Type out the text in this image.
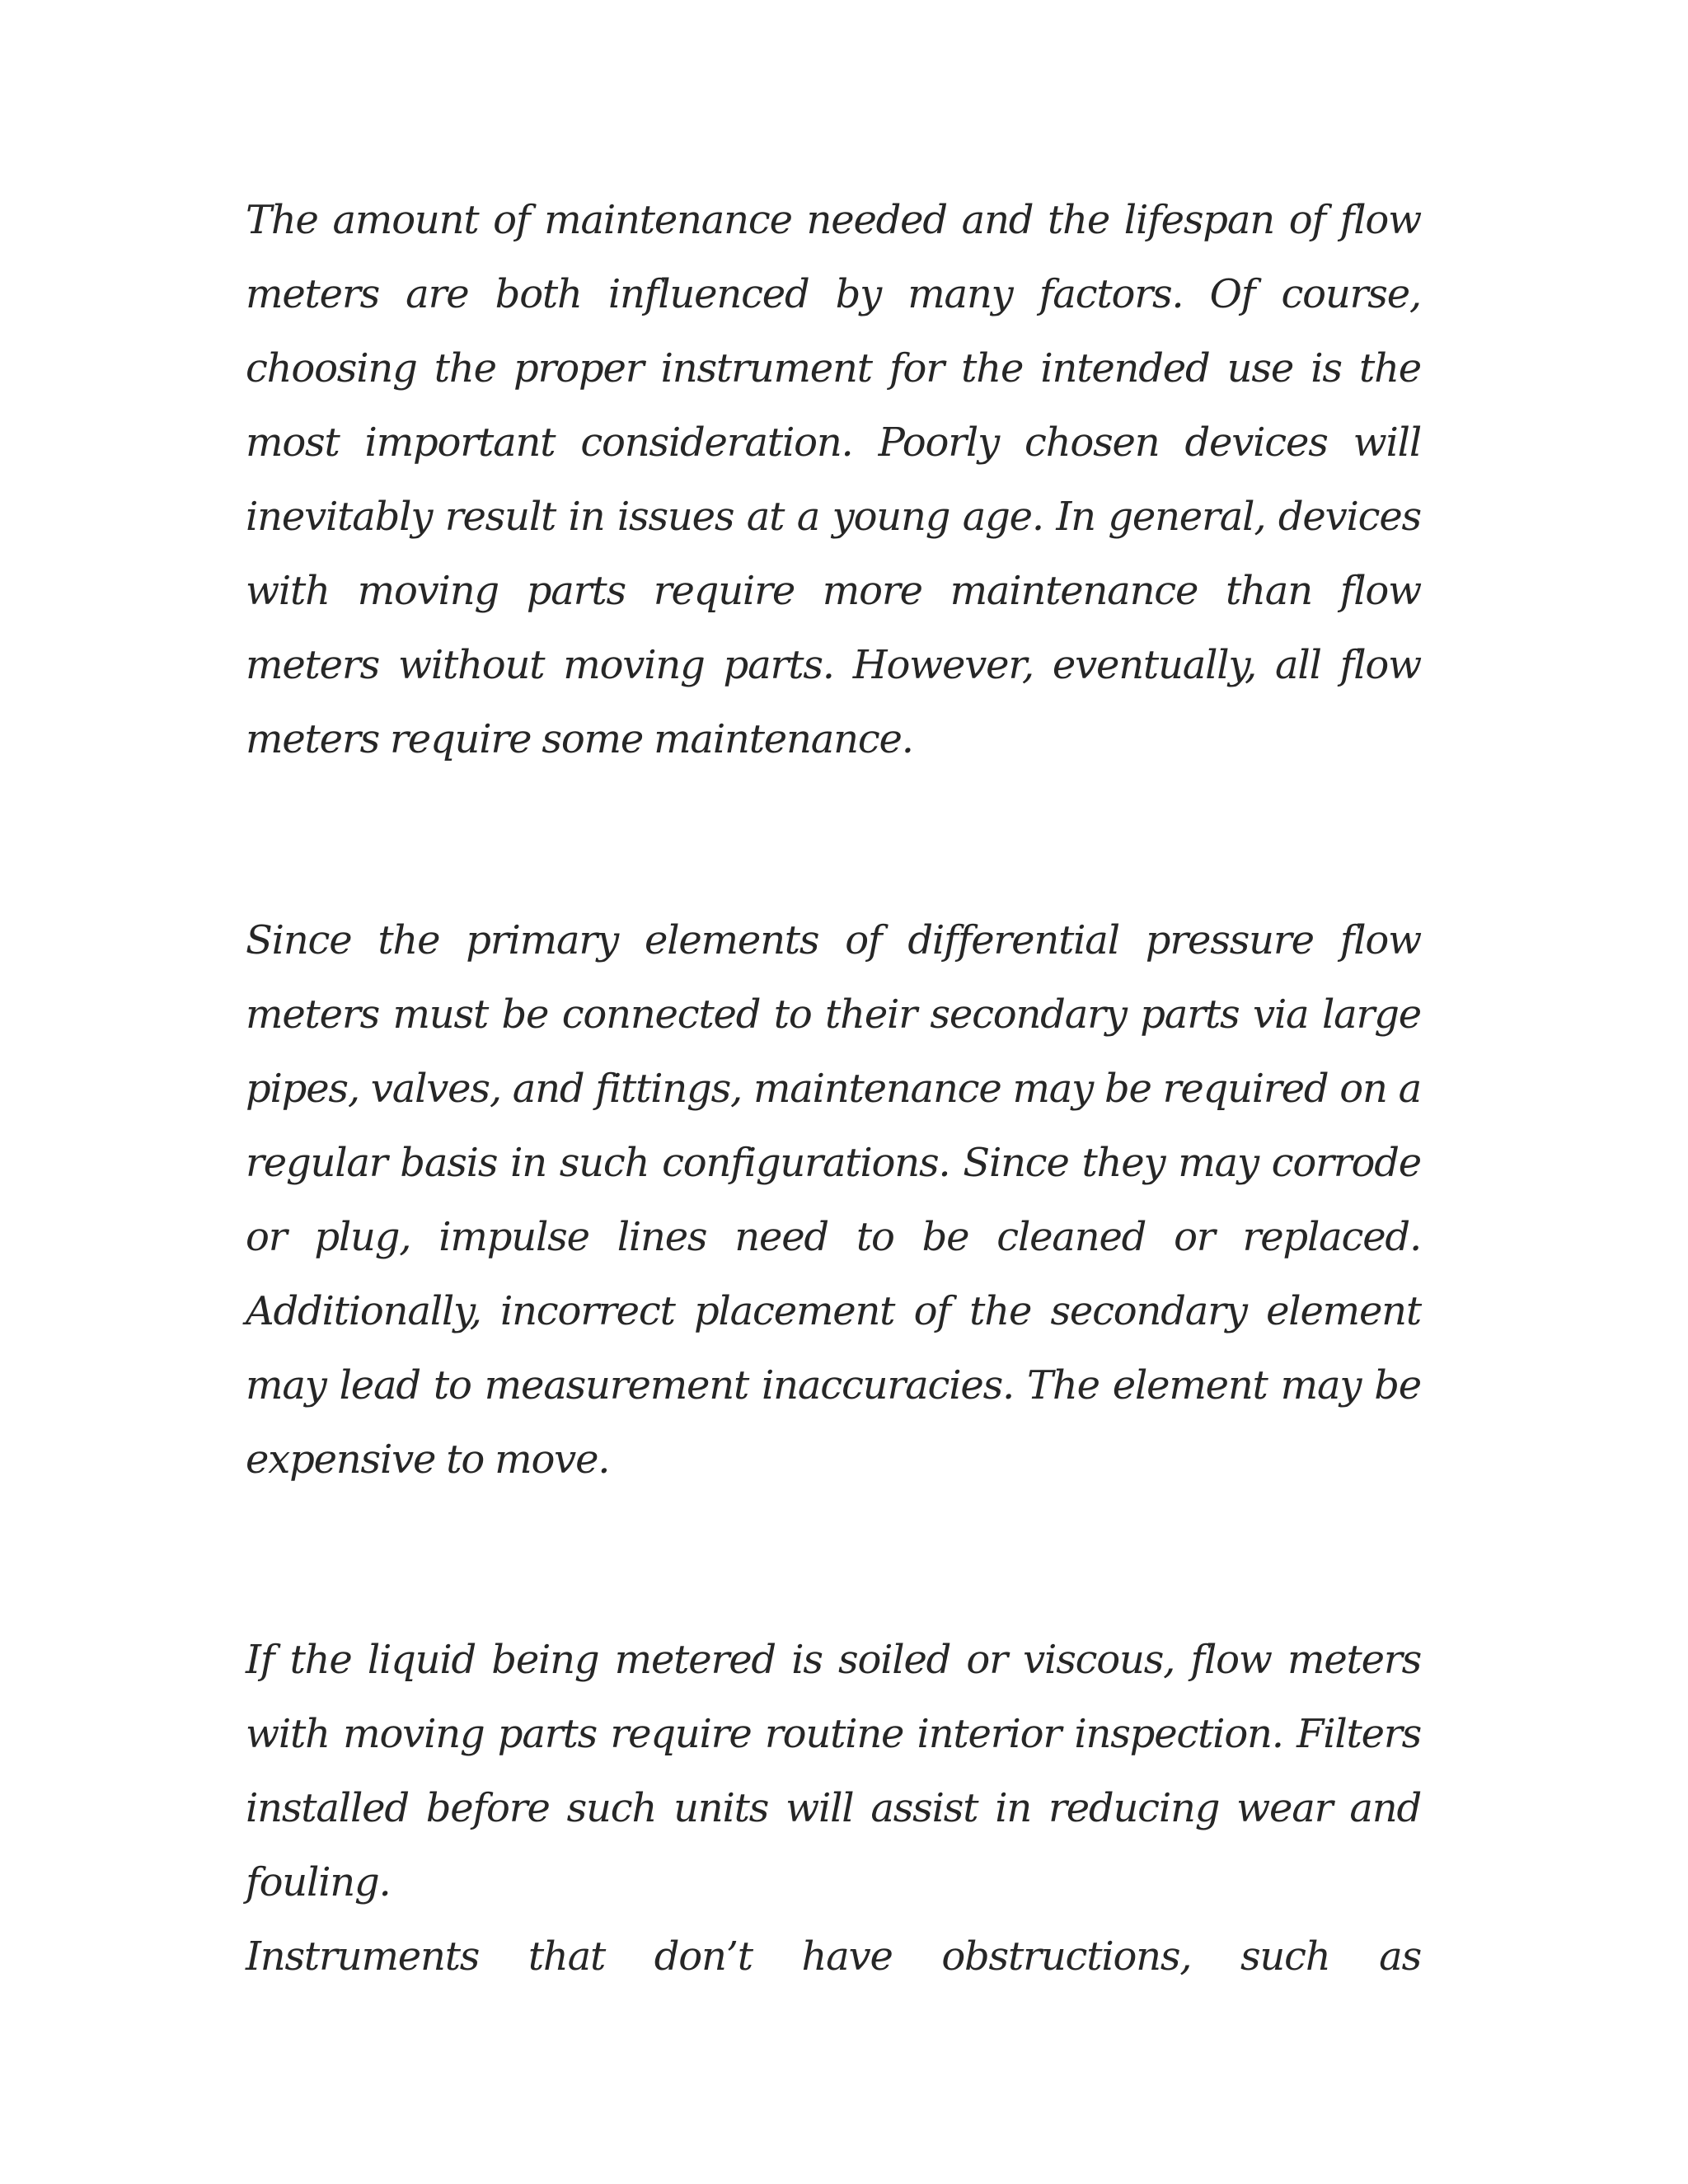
The amount of maintenance needed and the lifespan of flow meters are both influenced by many factors. Of course, choosing the proper instrument for the intended use is the most important consideration. Poorly chosen devices will inevitably result in issues at a young age. In general, devices with moving parts require more maintenance than flow meters without moving parts. However, eventually, all flow meters require some maintenance.

Since the primary elements of differential pressure flow meters must be connected to their secondary parts via large pipes, valves, and fittings, maintenance may be required on a regular basis in such configurations. Since they may corrode or plug, impulse lines need to be cleaned or replaced. Additionally, incorrect placement of the secondary element may lead to measurement inaccuracies. The element may be expensive to move.

If the liquid being metered is soiled or viscous, flow meters with moving parts require routine interior inspection. Filters installed before such units will assist in reducing wear and fouling.
Instruments that don’t have obstructions, such as
